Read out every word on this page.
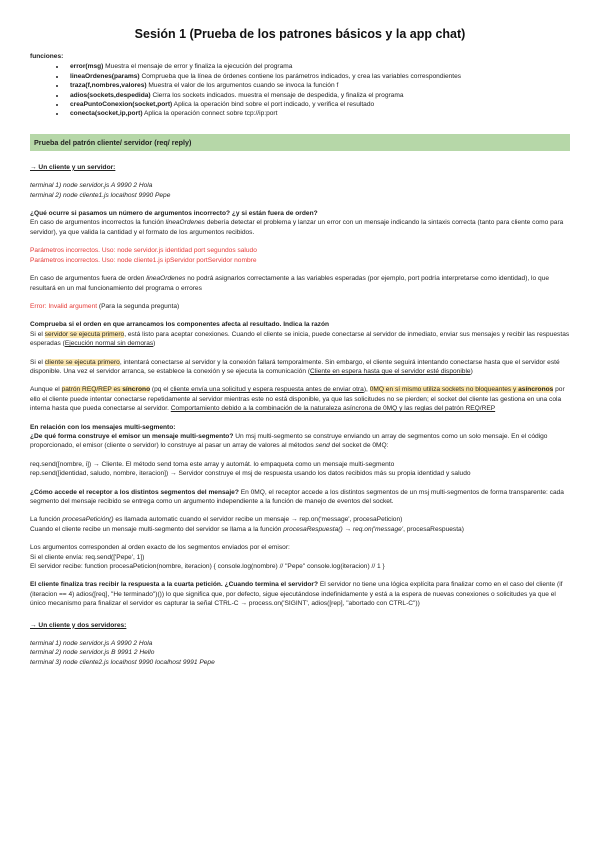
Sesión 1 (Prueba de los patrones básicos y la app chat)

funciones:

• error(msg) Muestra el mensaje de error y finaliza la ejecución del programa
• lineaOrdenes(params) Comprueba que la línea de órdenes contiene los parámetros indicados, y crea las variables correspondientes
• traza(f,nombres,valores) Muestra el valor de los argumentos cuando se invoca la función f
• adios(sockets,despedida) Cierra los sockets indicados. muestra el mensaje de despedida, y finaliza el programa
• creaPuntoConexion(socket,port) Aplica la operación bind sobre el port indicado, y verifica el resultado
• conecta(socket,ip,port) Aplica la operación connect sobre tcp://ip:port
Prueba del patrón cliente/ servidor (req/ reply)
→ Un cliente y un servidor:

terminal 1) node servidor.js A 9990 2 Hola

terminal 2) node cliente1.js localhost 9990 Pepe

¿Qué ocurre si pasamos un número de argumentos incorrecto? ¿y si están fuera de orden?

En caso de argumentos incorrectos la función lineaOrdenes debería detectar el problema y lanzar un error con un mensaje indicando la sintaxis correcta (tanto para cliente como para servidor), ya que valida la cantidad y el formato de los argumentos recibidos.

Parámetros incorrectos. Uso: node servidor.js identidad port segundos saludo

Parámetros incorrectos. Uso: node cliente1.js ipServidor portServidor nombre

En caso de argumentos fuera de orden lineaOrdenes no podrá asignarlos correctamente a las variables esperadas (por ejemplo, port podría interpretarse como identidad), lo que resultará en un mal funcionamiento del programa o errores

Error: Invalid argument (Para la segunda pregunta)

Comprueba si el orden en que arrancamos los componentes afecta al resultado. Indica la razón

Si el servidor se ejecuta primero, está listo para aceptar conexiones. Cuando el cliente se inicia, puede conectarse al servidor de inmediato, enviar sus mensajes y recibir las respuestas esperadas (Ejecución normal sin demoras)

Si el cliente se ejecuta primero, intentará conectarse al servidor y la conexión fallará temporalmente. Sin embargo, el cliente seguirá intentando conectarse hasta que el servidor esté disponible. Una vez el servidor arranca, se establece la conexión y se ejecuta la comunicación (Cliente en espera hasta que el servidor esté disponible)

Aunque el patrón REQ/REP es síncrono (pq el cliente envía una solicitud y espera respuesta antes de enviar otra), 0MQ en sí mismo utiliza sockets no bloqueantes y asíncronos por ello el cliente puede intentar conectarse repetidamente al servidor mientras este no está disponible, ya que las solicitudes no se pierden; el socket del cliente las gestiona en una cola interna hasta que pueda conectarse al servidor. Comportamiento debido a la combinación de la naturaleza asíncrona de 0MQ y las reglas del patrón REQ/REP

En relación con los mensajes multi-segmento:

¿De qué forma construye el emisor un mensaje multi-segmento? Un msj multi-segmento se construye enviando un array de segmentos como un solo mensaje. En el código proporcionado, el emisor (cliente o servidor) lo construye al pasar un array de valores al métodos send del socket de 0MQ:

req.send([nombre, i]) → Cliente. El método send toma este array y automát. lo empaqueta como un mensaje multi-segmento

rep.send([identidad, saludo, nombre, iteracion]) → Servidor construye el msj de respuesta usando los datos recibidos más su propia identidad y saludo

¿Cómo accede el receptor a los distintos segmentos del mensaje? En 0MQ, el receptor accede a los distintos segmentos de un msj multi-segmentos de forma transparente: cada segmento del mensaje recibido se entrega como un argumento independiente a la función de manejo de eventos del socket.

La función procesaPetición() es llamada automatic cuando el servidor recibe un mensaje → rep.on('message', procesaPeticion)

Cuando el cliente recibe un mensaje multi-segmento del servidor se llama a la función procesaRespuesta() → req.on('message', procesaRespuesta)

Los argumentos corresponden al orden exacto de los segmentos enviados por el emisor:

Si el cliente envía: req.send(['Pepe', 1])

El servidor recibe: function procesaPeticion(nombre, iteracion) { console.log(nombre) // "Pepe" console.log(iteracion) // 1 }

El cliente finaliza tras recibir la respuesta a la cuarta petición. ¿Cuando termina el servidor? El servidor no tiene una lógica explícita para finalizar como en el caso del cliente (if (iteracion == 4) adios([req], "He terminado")()) lo que significa que, por defecto, sigue ejecutándose indefinidamente y está a la espera de nuevas conexiones o solicitudes ya que el único mecanismo para finalizar el servidor es capturar la señal CTRL-C → process.on('SIGINT', adios([rep], "abortado con CTRL-C"))

→ Un cliente y dos servidores:

terminal 1) node servidor.js A 9990 2 Hola

terminal 2) node servidor.js B 9991 2 Hello

terminal 3) node cliente2.js localhost 9990 localhost 9991 Pepe
